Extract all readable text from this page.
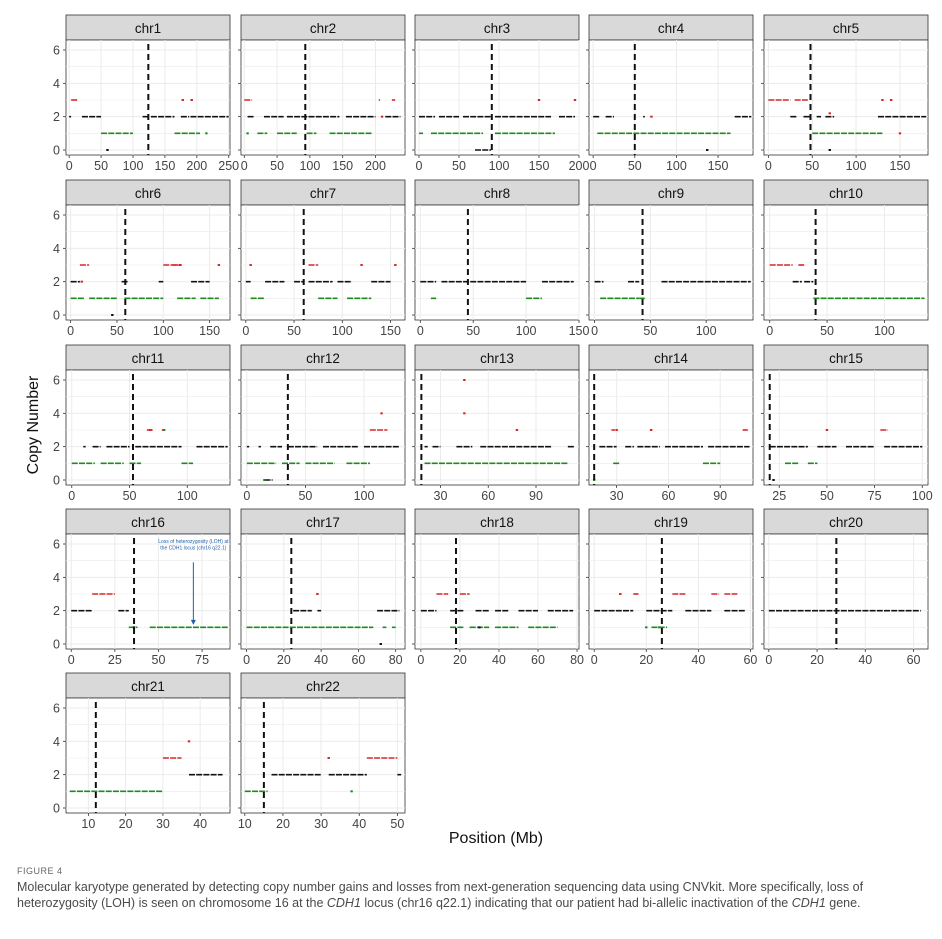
Copy Number
Position (Mb)
chr1
0
2
4
6
0 50 100 150 200 250
chr2
0 50 100 150 200
chr3
0 50 100 150 200
chr4
0 50 100 150
chr5
0	50 100 150
chr6
0
2
4
6
0	50 100 150
chr7
0	50 100 150
chr8
0	50	100	150
chr9
0	50	100
chr10
0	50	100
chr11
0
2
4
6
0	50	100
chr12
0	50	100
chr13
30	60	90
chr14
30	60	90
chr15
25	50	75 100
chr16
Loss of heterozygosity (LOH) at
the CDH1 locus (chr16 q22.1)
0
2
4
6
0	25 50 75
chr17
0 20 40 60 80
chr18
0 20 40 60 80
chr19
0	20	40	60
chr20
0	20	40	60
chr21
0
2
4
6
10 20 30 40
chr22
10 20 30 40 50
FIGURE 4
Molecular karyotype generated by detecting copy number gains and losses from next-generation sequencing data using CNVkit. More specifically, loss of heterozygosity (LOH) is seen on chromosome 16 at the CDH1 locus (chr16 q22.1) indicating that our patient had bi-allelic inactivation of the CDH1 gene.
